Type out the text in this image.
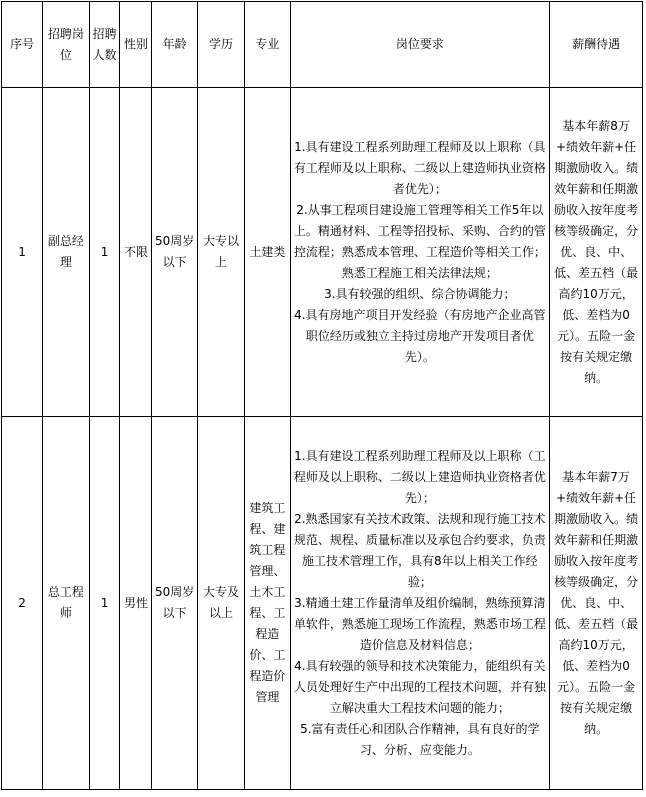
序号	招聘岗位	招聘人数	性别	年龄	学历	专业	岗位要求	薪酬待遇
1	副总经理	1	不限	50周岁以下	大专以上	土建类	1.具有建设工程系列助理工程师及以上职称（具有工程师及以上职称、二级以上建造师执业资格者优先）；
2.从事工程项目建设施工管理等相关工作5年以上。精通材料、工程等招投标、采购、合约的管控流程；熟悉成本管理、工程造价等相关工作；熟悉工程施工相关法律法规；
3.具有较强的组织、综合协调能力；
4.具有房地产项目开发经验（有房地产企业高管职位经历或独立主持过房地产开发项目者优先）。	基本年薪8万+绩效年薪+任期激励收入。绩效年薪和任期激励收入按年度考核等级确定，分优、良、中、低、差五档（最高约10万元，低、差档为0元）。五险一金按有关规定缴纳。
2	总工程师	1	男性	50周岁以下	大专及以上	建筑工程、建筑工程管理、土木工程、工程造价、工程造价管理	1.具有建设工程系列助理工程师及以上职称（工程师及以上职称、二级以上建造师执业资格者优先）；
2.熟悉国家有关技术政策、法规和现行施工技术规范、规程、质量标准以及承包合约要求，负责施工技术管理工作，具有8年以上相关工作经验；
3.精通土建工作量清单及组价编制，熟练预算清单软件，熟悉施工现场工作流程，熟悉市场工程造价信息及材料信息；
4.具有较强的领导和技术决策能力，能组织有关人员处理好生产中出现的工程技术问题，并有独立解决重大工程技术问题的能力；
5.富有责任心和团队合作精神，具有良好的学习、分析、应变能力。	基本年薪7万+绩效年薪+任期激励收入。绩效年薪和任期激励收入按年度考核等级确定，分优、良、中、低、差五档（最高约10万元，低、差档为0元）。五险一金按有关规定缴纳。
